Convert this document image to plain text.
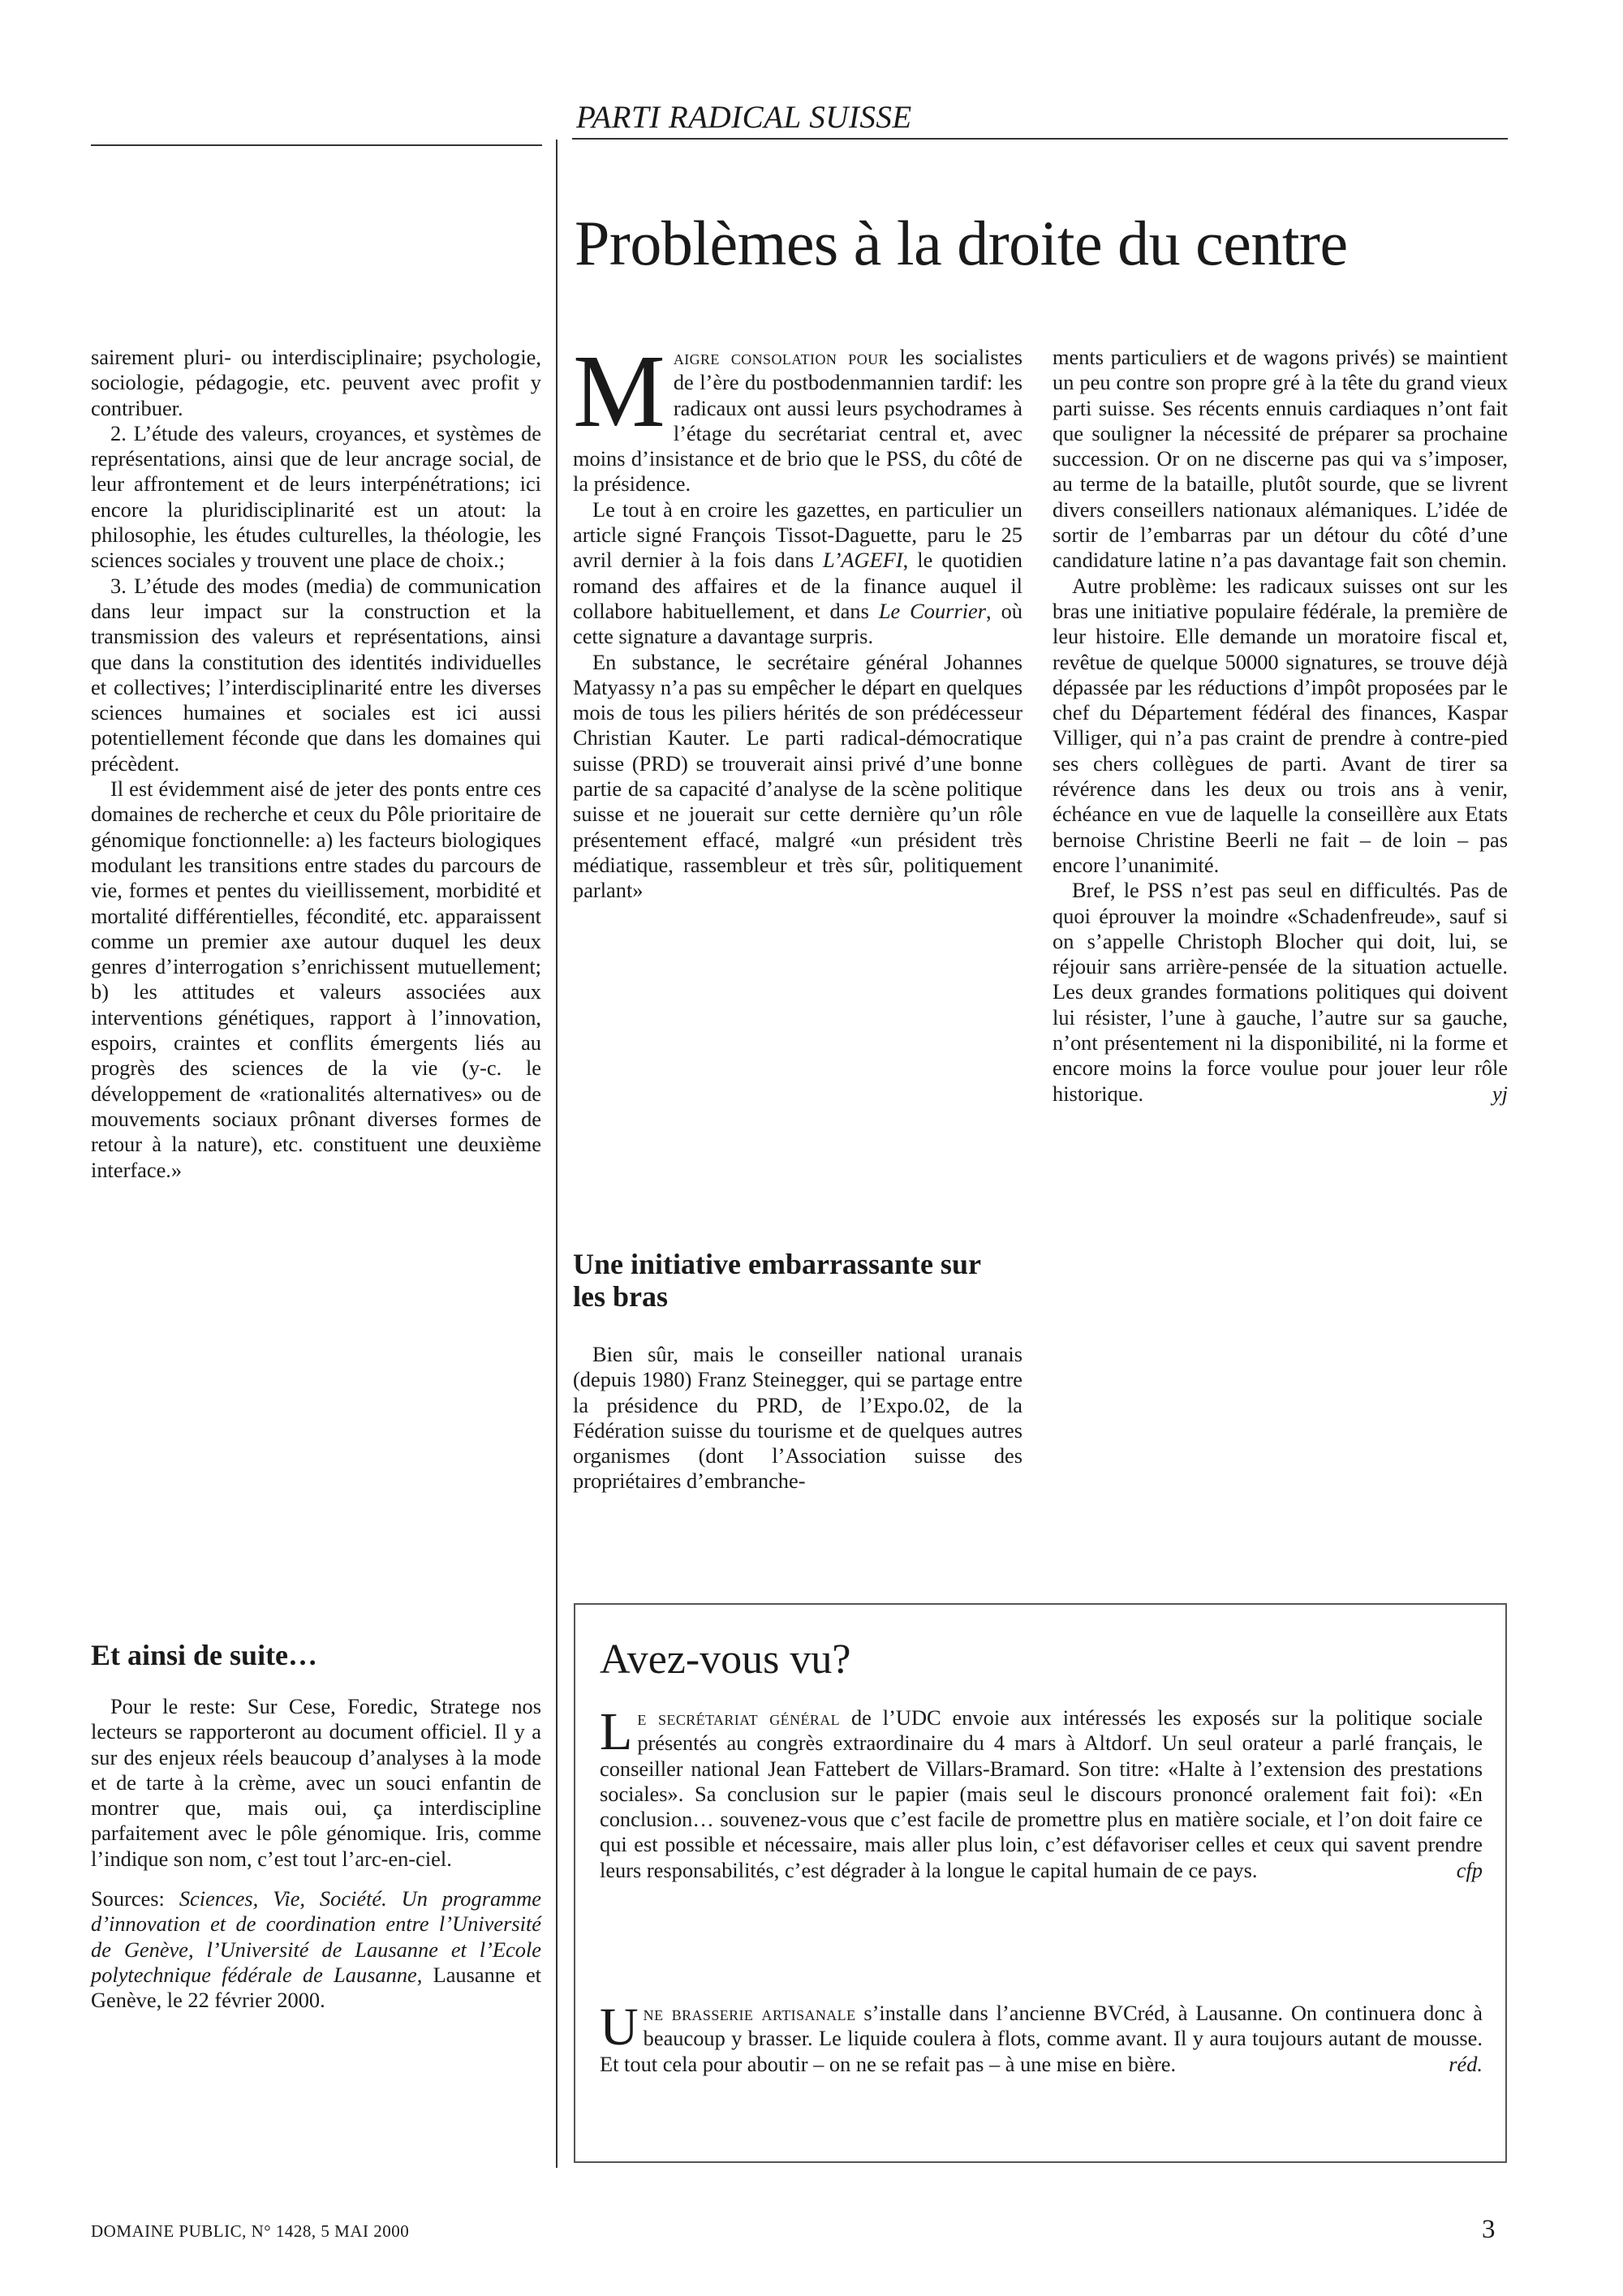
PARTI RADICAL SUISSE
Problèmes à la droite du centre

sairement pluri- ou interdisciplinaire; psychologie, sociologie, pédagogie, etc. peuvent avec profit y contribuer.

2. L’étude des valeurs, croyances, et systèmes de représentations, ainsi que de leur ancrage social, de leur affrontement et de leurs interpénétrations; ici encore la pluridisciplinarité est un atout: la philosophie, les études culturelles, la théologie, les sciences sociales y trouvent une place de choix.;

3. L’étude des modes (media) de communication dans leur impact sur la construction et la transmission des valeurs et représentations, ainsi que dans la constitution des identités individuelles et collectives; l’interdisciplinarité entre les diverses sciences humaines et sociales est ici aussi potentiellement féconde que dans les domaines qui précèdent.

Il est évidemment aisé de jeter des ponts entre ces domaines de recherche et ceux du Pôle prioritaire de génomique fonctionnelle: a) les facteurs biologiques modulant les transitions entre stades du parcours de vie, formes et pentes du vieillissement, morbidité et mortalité différentielles, fécondité, etc. apparaissent comme un premier axe autour duquel les deux genres d’interrogation s’enrichissent mutuellement; b) les attitudes et valeurs associées aux interventions génétiques, rapport à l’innovation, espoirs, craintes et conflits émergents liés au progrès des sciences de la vie (y-c. le développement de «rationalités alternatives» ou de mouvements sociaux prônant diverses formes de retour à la nature), etc. constituent une deuxième interface.»

Et ainsi de suite…

Pour le reste: Sur Cese, Foredic, Stratege nos lecteurs se rapporteront au document officiel. Il y a sur des enjeux réels beaucoup d’analyses à la mode et de tarte à la crème, avec un souci enfantin de montrer que, mais oui, ça interdiscipline parfaitement avec le pôle génomique. Iris, comme l’indique son nom, c’est tout l’arc-en-ciel.

Sources: Sciences, Vie, Société. Un programme d’innovation et de coordination entre l’Université de Genève, l’Université de Lausanne et l’Ecole polytechnique fédérale de Lausanne, Lausanne et Genève, le 22 février 2000.

Maigre consolation pour les socialistes de l’ère du postbodenmannien tardif: les radicaux ont aussi leurs psychodrames à l’étage du secrétariat central et, avec moins d’insistance et de brio que le PSS, du côté de la présidence.

Le tout à en croire les gazettes, en particulier un article signé François Tissot-Daguette, paru le 25 avril dernier à la fois dans L’AGEFI, le quotidien romand des affaires et de la finance auquel il collabore habituellement, et dans Le Courrier, où cette signature a davantage surpris.

En substance, le secrétaire général Johannes Matyassy n’a pas su empêcher le départ en quelques mois de tous les piliers hérités de son prédécesseur Christian Kauter. Le parti radical-démocratique suisse (PRD) se trouverait ainsi privé d’une bonne partie de sa capacité d’analyse de la scène politique suisse et ne jouerait sur cette dernière qu’un rôle présentement effacé, malgré «un président très médiatique, rassembleur et très sûr, politiquement parlant»

Une initiative embarrassante sur les bras

Bien sûr, mais le conseiller national uranais (depuis 1980) Franz Steinegger, qui se partage entre la présidence du PRD, de l’Expo.02, de la Fédération suisse du tourisme et de quelques autres organismes (dont l’Association suisse des propriétaires d’embranche-

ments particuliers et de wagons privés) se maintient un peu contre son propre gré à la tête du grand vieux parti suisse. Ses récents ennuis cardiaques n’ont fait que souligner la nécessité de préparer sa prochaine succession. Or on ne discerne pas qui va s’imposer, au terme de la bataille, plutôt sourde, que se livrent divers conseillers nationaux alémaniques. L’idée de sortir de l’embarras par un détour du côté d’une candidature latine n’a pas davantage fait son chemin.

Autre problème: les radicaux suisses ont sur les bras une initiative populaire fédérale, la première de leur histoire. Elle demande un moratoire fiscal et, revêtue de quelque 50000 signatures, se trouve déjà dépassée par les réductions d’impôt proposées par le chef du Département fédéral des finances, Kaspar Villiger, qui n’a pas craint de prendre à contre-pied ses chers collègues de parti. Avant de tirer sa révérence dans les deux ou trois ans à venir, échéance en vue de laquelle la conseillère aux Etats bernoise Christine Beerli ne fait – de loin – pas encore l’unanimité.

Bref, le PSS n’est pas seul en difficultés. Pas de quoi éprouver la moindre «Schadenfreude», sauf si on s’appelle Christoph Blocher qui doit, lui, se réjouir sans arrière-pensée de la situation actuelle. Les deux grandes formations politiques qui doivent lui résister, l’une à gauche, l’autre sur sa gauche, n’ont présentement ni la disponibilité, ni la forme et encore moins la force voulue pour jouer leur rôle historique.	yj

Avez-vous vu?
Le secrétariat général de l’UDC envoie aux intéressés les exposés sur la politique sociale présentés au congrès extraordinaire du 4 mars à Altdorf. Un seul orateur a parlé français, le conseiller national Jean Fattebert de Villars-Bramard. Son titre: «Halte à l’extension des prestations sociales». Sa conclusion sur le papier (mais seul le discours prononcé oralement fait foi): «En conclusion… souvenez-vous que c’est facile de promettre plus en matière sociale, et l’on doit faire ce qui est possible et nécessaire, mais aller plus loin, c’est défavoriser celles et ceux qui savent prendre leurs responsabilités, c’est dégrader à la longue le capital humain de ce pays.	cfp
Une brasserie artisanale s’installe dans l’ancienne BVCréd, à Lausanne. On continuera donc à beaucoup y brasser. Le liquide coulera à flots, comme avant. Il y aura toujours autant de mousse. Et tout cela pour aboutir – on ne se refait pas – à une mise en bière.	réd.
DOMAINE PUBLIC, N° 1428, 5 MAI 2000	3
